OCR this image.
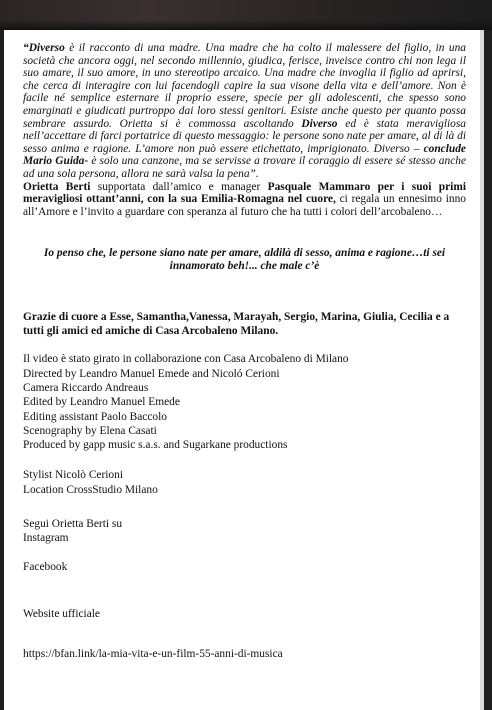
“Diverso è il racconto di una madre. Una madre che ha colto il malessere del figlio, in una società che ancora oggi, nel secondo millennio, giudica, ferisce, inveisce contro chi non lega il suo amare, il suo amore, in uno stereotipo arcaico. Una madre che invoglia il figlio ad aprirsi, che cerca di interagire con lui facendogli capire la sua visone della vita e dell’amore. Non è facile né semplice esternare il proprio essere, specie per gli adolescenti, che spesso sono emarginati e giudicati purtroppo dai loro stessi genitori. Esiste anche questo per quanto possa sembrare assurdo. Orietta si è commossa ascoltando Diverso ed è stata meravigliosa nell’accettare di farci portatrice di questo messaggio: le persone sono nate per amare, al di là di sesso anima e ragione. L’amore non può essere etichettato, imprigionato. Diverso – conclude Mario Guida- è solo una canzone, ma se servisse a trovare il coraggio di essere sé stesso anche ad una sola persona, allora ne sarà valsa la pena”.

Orietta Berti supportata dall’amico e manager Pasquale Mammaro per i suoi primi meravigliosi ottant’anni, con la sua Emilia-Romagna nel cuore, ci regala un ennesimo inno all’Amore e l’invito a guardare con speranza al futuro che ha tutti i colori dell’arcobaleno…

Io penso che, le persone siano nate per amare, aldilà di sesso, anima e ragione…ti sei innamorato beh!... che male c’è

Grazie di cuore a Esse, Samantha,Vanessa, Marayah, Sergio, Marina, Giulia, Cecilia e a tutti gli amici ed amiche di Casa Arcobaleno Milano.

Il video è stato girato in collaborazione con Casa Arcobaleno di Milano
Directed by Leandro Manuel Emede and Nicoló Cerioni
Camera Riccardo Andreaus
Edited by Leandro Manuel Emede
Editing assistant Paolo Baccolo
Scenography by Elena Casati
Produced by gapp music s.a.s. and Sugarkane productions
Stylist Nicolò Cerioni
Location CrossStudio Milano
Segui Orietta Berti su
Instagram
Facebook
Website ufficiale
https://bfan.link/la-mia-vita-e-un-film-55-anni-di-musica
